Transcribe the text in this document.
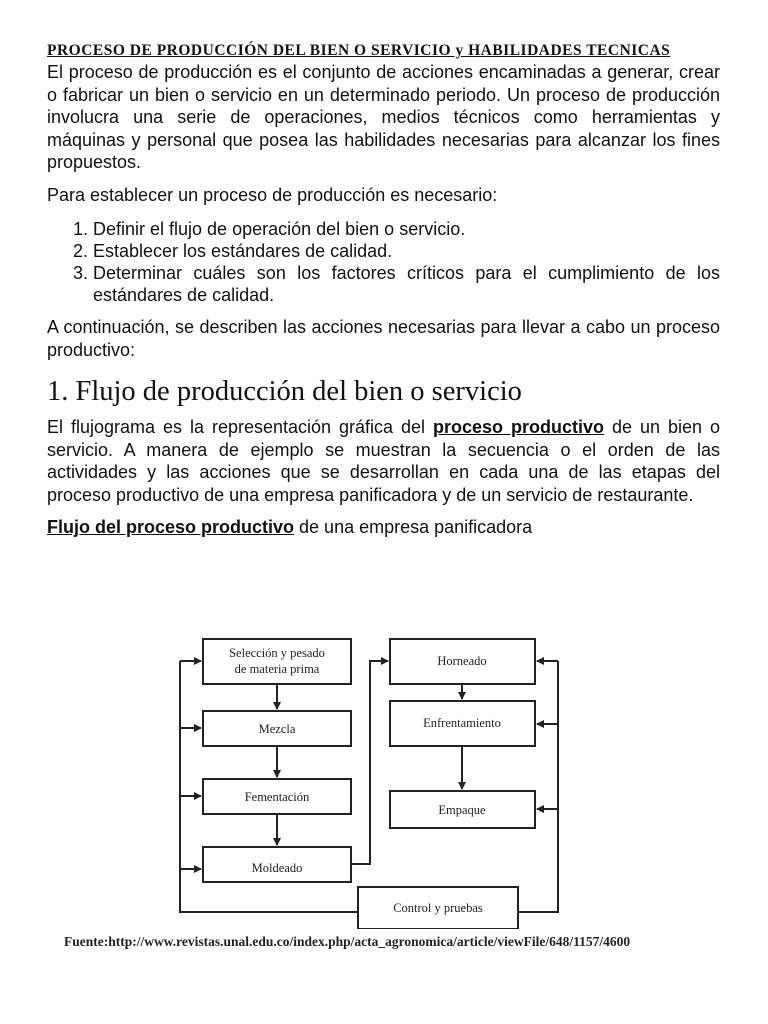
PROCESO DE PRODUCCIÓN DEL BIEN O SERVICIO y HABILIDADES TECNICAS

El proceso de producción es el conjunto de acciones encaminadas a generar, crear o fabricar un bien o servicio en un determinado periodo. Un proceso de producción involucra una serie de operaciones, medios técnicos como herramientas y máquinas y personal que posea las habilidades necesarias para alcanzar los fines propuestos.

Para establecer un proceso de producción es necesario:

1. Definir el flujo de operación del bien o servicio.
2. Establecer los estándares de calidad.
3. Determinar cuáles son los factores críticos para el cumplimiento de los estándares de calidad.

A continuación, se describen las acciones necesarias para llevar a cabo un proceso productivo:

1. Flujo de producción del bien o servicio

El flujograma es la representación gráfica del proceso productivo de un bien o servicio. A manera de ejemplo se muestran la secuencia o el orden de las actividades y las acciones que se desarrollan en cada una de las etapas del proceso productivo de una empresa panificadora y de un servicio de restaurante.

Flujo del proceso productivo de una empresa panificadora

Selección y pesado
de materia prima
Mezcla
Fementación
Moldeado
Horneado
Enfrentamiento
Empaque
Control y pruebas
Fuente:http://www.revistas.unal.edu.co/index.php/acta_agronomica/article/viewFile/648/1157/4600
